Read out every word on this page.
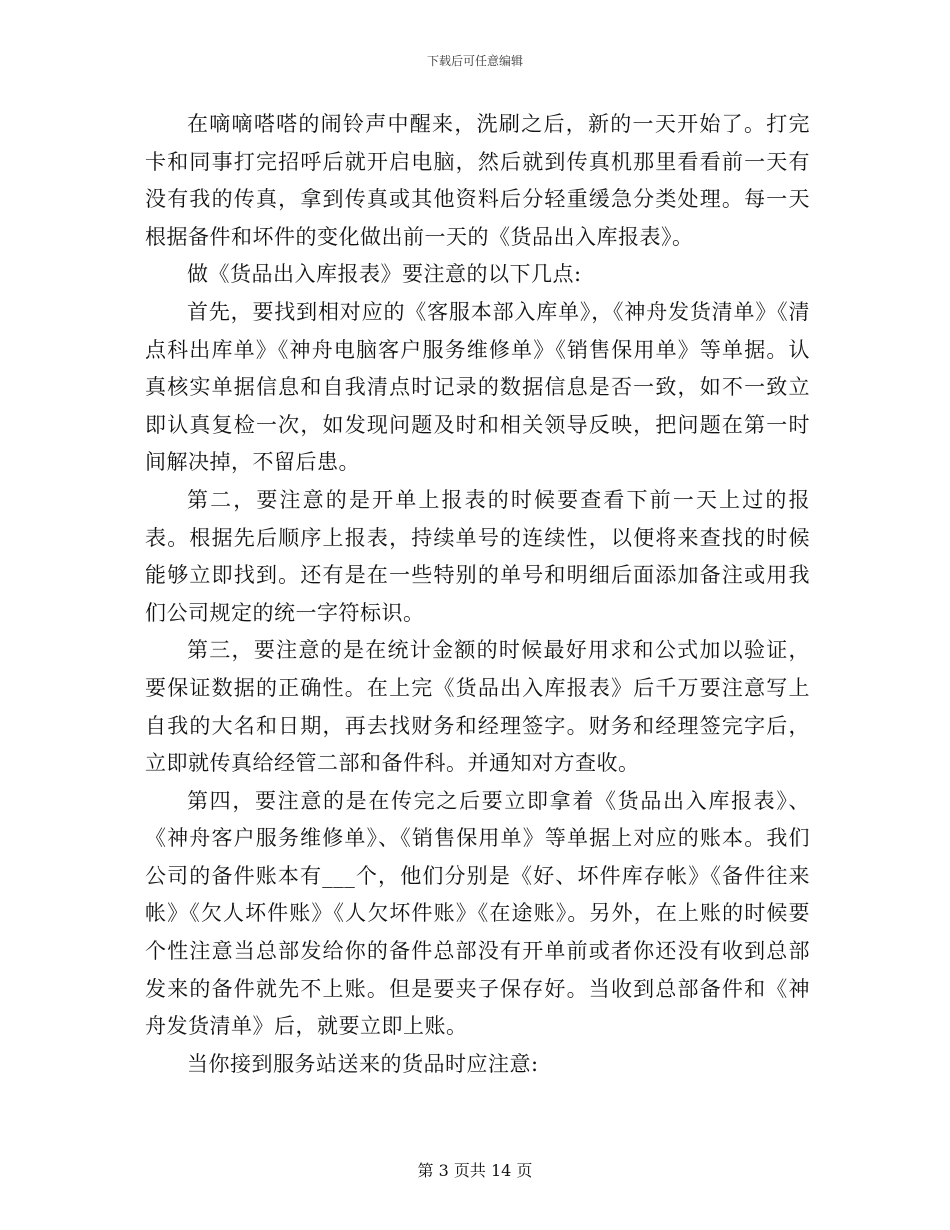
下载后可任意编辑

在嘀嘀嗒嗒的闹铃声中醒来，洗刷之后，新的一天开始了。打完卡和同事打完招呼后就开启电脑，然后就到传真机那里看看前一天有没有我的传真，拿到传真或其他资料后分轻重缓急分类处理。每一天根据备件和坏件的变化做出前一天的《货品出入库报表》。

做《货品出入库报表》要注意的以下几点:

首先，要找到相对应的《客服本部入库单》，《神舟发货清单》《清点科出库单》《神舟电脑客户服务维修单》《销售保用单》等单据。认真核实单据信息和自我清点时记录的数据信息是否一致，如不一致立即认真复检一次，如发现问题及时和相关领导反映，把问题在第一时间解决掉，不留后患。

第二，要注意的是开单上报表的时候要查看下前一天上过的报表。根据先后顺序上报表，持续单号的连续性，以便将来查找的时候能够立即找到。还有是在一些特别的单号和明细后面添加备注或用我们公司规定的统一字符标识。

第三，要注意的是在统计金额的时候最好用求和公式加以验证，要保证数据的正确性。在上完《货品出入库报表》后千万要注意写上自我的大名和日期，再去找财务和经理签字。财务和经理签完字后，立即就传真给经管二部和备件科。并通知对方查收。

第四，要注意的是在传完之后要立即拿着《货品出入库报表》、《神舟客户服务维修单》、《销售保用单》等单据上对应的账本。我们公司的备件账本有___个，他们分别是《好、坏件库存帐》《备件往来帐》《欠人坏件账》《人欠坏件账》《在途账》。另外，在上账的时候要个性注意当总部发给你的备件总部没有开单前或者你还没有收到总部发来的备件就先不上账。但是要夹子保存好。当收到总部备件和《神舟发货清单》后，就要立即上账。

当你接到服务站送来的货品时应注意:

第 3 页共 14 页
